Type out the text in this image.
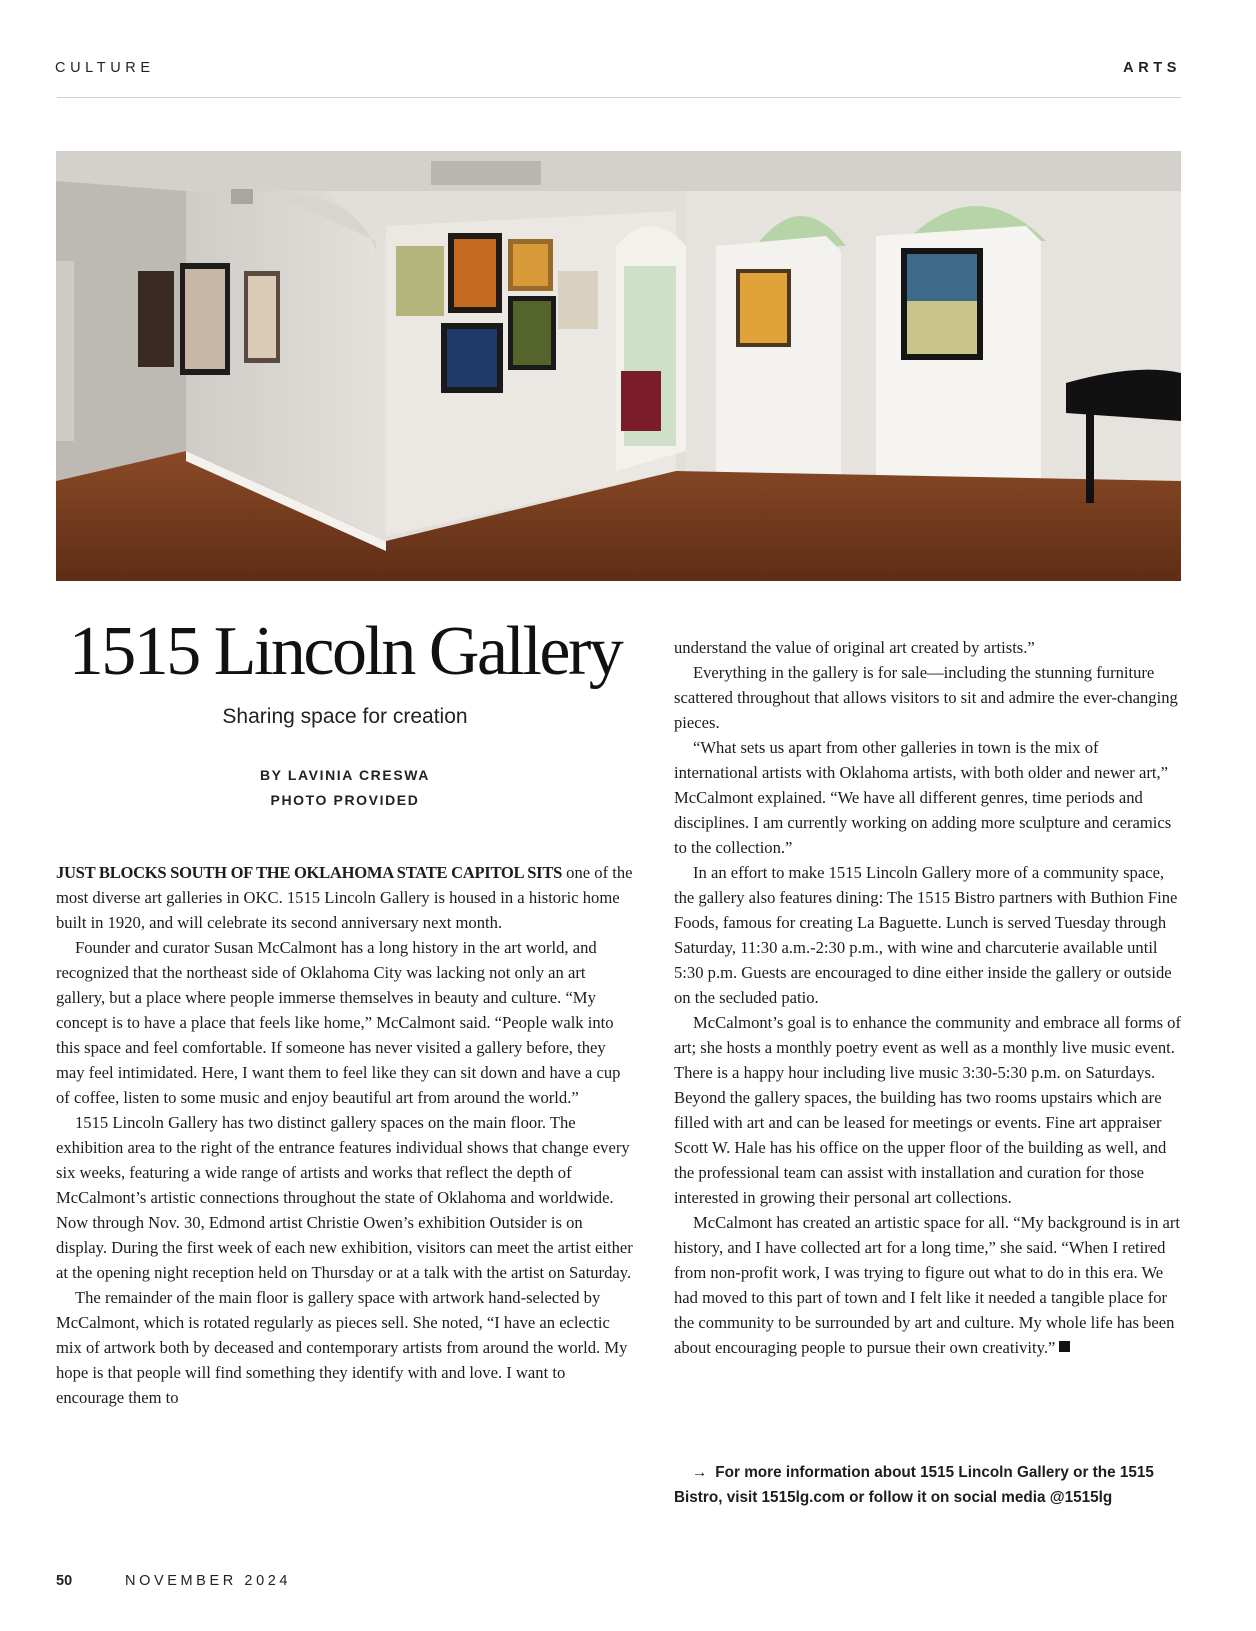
CULTURE	ARTS
1515 Lincoln Gallery
Sharing space for creation
BY LAVINIA CRESWA
PHOTO PROVIDED

JUST BLOCKS SOUTH OF THE OKLAHOMA STATE CAPITOL SITS one of the most diverse art galleries in OKC. 1515 Lincoln Gallery is housed in a historic home built in 1920, and will celebrate its second anniversary next month.

Founder and curator Susan McCalmont has a long history in the art world, and recognized that the northeast side of Oklahoma City was lacking not only an art gallery, but a place where people immerse themselves in beauty and culture. “My concept is to have a place that feels like home,” McCalmont said. “People walk into this space and feel comfortable. If someone has never visited a gallery before, they may feel intimidated. Here, I want them to feel like they can sit down and have a cup of coffee, listen to some music and enjoy beautiful art from around the world.”

1515 Lincoln Gallery has two distinct gallery spaces on the main floor. The exhibition area to the right of the entrance features individual shows that change every six weeks, featuring a wide range of artists and works that reflect the depth of McCalmont’s artistic connections throughout the state of Oklahoma and worldwide. Now through Nov. 30, Edmond artist Christie Owen’s exhibition Outsider is on display. During the first week of each new exhibition, visitors can meet the artist either at the opening night reception held on Thursday or at a talk with the artist on Saturday.

The remainder of the main floor is gallery space with artwork hand-selected by McCalmont, which is rotated regularly as pieces sell. She noted, “I have an eclectic mix of artwork both by deceased and contemporary artists from around the world. My hope is that people will find something they identify with and love. I want to encourage them to

understand the value of original art created by artists.”

Everything in the gallery is for sale—including the stunning furniture scattered throughout that allows visitors to sit and admire the ever-changing pieces.

“What sets us apart from other galleries in town is the mix of international artists with Oklahoma artists, with both older and newer art,” McCalmont explained. “We have all different genres, time periods and disciplines. I am currently working on adding more sculpture and ceramics to the collection.”

In an effort to make 1515 Lincoln Gallery more of a community space, the gallery also features dining: The 1515 Bistro partners with Buthion Fine Foods, famous for creating La Baguette. Lunch is served Tuesday through Saturday, 11:30 a.m.-2:30 p.m., with wine and charcuterie available until 5:30 p.m. Guests are encouraged to dine either inside the gallery or outside on the secluded patio.

McCalmont’s goal is to enhance the community and embrace all forms of art; she hosts a monthly poetry event as well as a monthly live music event. There is a happy hour including live music 3:30-5:30 p.m. on Saturdays. Beyond the gallery spaces, the building has two rooms upstairs which are filled with art and can be leased for meetings or events. Fine art appraiser Scott W. Hale has his office on the upper floor of the building as well, and the professional team can assist with installation and curation for those interested in growing their personal art collections.

McCalmont has created an artistic space for all. “My background is in art history, and I have collected art for a long time,” she said. “When I retired from non-profit work, I was trying to figure out what to do in this era. We had moved to this part of town and I felt like it needed a tangible place for the community to be surrounded by art and culture. My whole life has been about encouraging people to pursue their own creativity.”

→ For more information about 1515 Lincoln Gallery or the 1515 Bistro, visit 1515lg.com or follow it on social media @1515lg
50	NOVEMBER 2024
